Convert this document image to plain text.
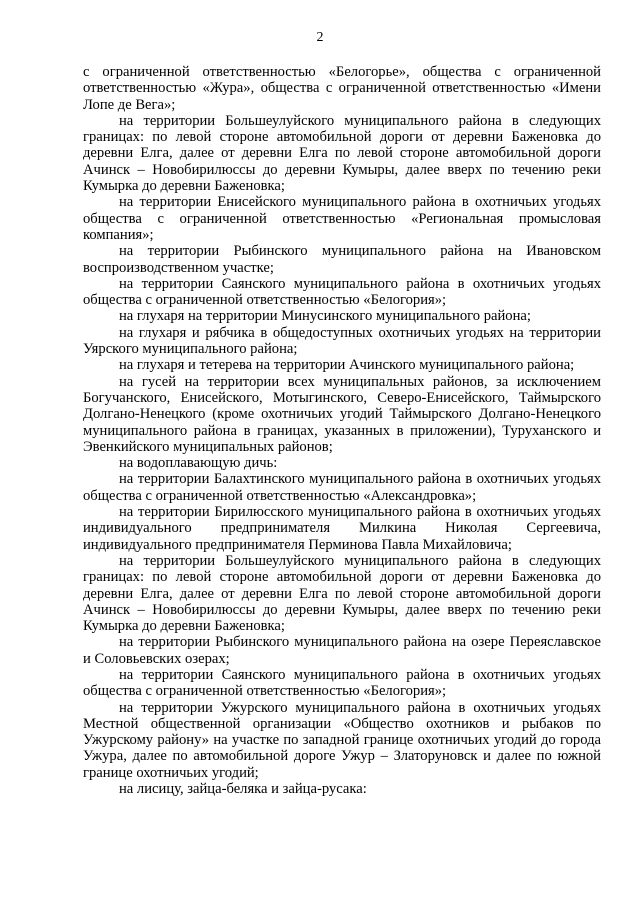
2

с ограниченной ответственностью «Белогорье», общества с ограниченной ответственностью «Жура», общества с ограниченной ответственностью «Имени Лопе де Вега»;

на территории Большеулуйского муниципального района в следующих границах: по левой стороне автомобильной дороги от деревни Баженовка до деревни Елга, далее от деревни Елга по левой стороне автомобильной дороги Ачинск – Новобирилюссы до деревни Кумыры, далее вверх по течению реки Кумырка до деревни Баженовка;

на территории Енисейского муниципального района в охотничьих угодьях общества с ограниченной ответственностью «Региональная промысловая компания»;

на территории Рыбинского муниципального района на Ивановском воспроизводственном участке;

на территории Саянского муниципального района в охотничьих угодьях общества с ограниченной ответственностью «Белогория»;

на глухаря на территории Минусинского муниципального района;

на глухаря и рябчика в общедоступных охотничьих угодьях на территории Уярского муниципального района;

на глухаря и тетерева на территории Ачинского муниципального района;

на гусей на территории всех муниципальных районов, за исключением Богучанского, Енисейского, Мотыгинского, Северо-Енисейского, Таймырского Долгано-Ненецкого (кроме охотничьих угодий Таймырского Долгано-Ненецкого муниципального района в границах, указанных в приложении), Туруханского и Эвенкийского муниципальных районов;

на водоплавающую дичь:

на территории Балахтинского муниципального района в охотничьих угодьях общества с ограниченной ответственностью «Александровка»;

на территории Бирилюсского муниципального района в охотничьих угодьях индивидуального предпринимателя Милкина Николая Сергеевича, индивидуального предпринимателя Перминова Павла Михайловича;

на территории Большеулуйского муниципального района в следующих границах: по левой стороне автомобильной дороги от деревни Баженовка до деревни Елга, далее от деревни Елга по левой стороне автомобильной дороги Ачинск – Новобирилюссы до деревни Кумыры, далее вверх по течению реки Кумырка до деревни Баженовка;

на территории Рыбинского муниципального района на озере Переяславское и Соловьевских озерах;

на территории Саянского муниципального района в охотничьих угодьях общества с ограниченной ответственностью «Белогория»;

на территории Ужурского муниципального района в охотничьих угодьях Местной общественной организации «Общество охотников и рыбаков по Ужурскому району» на участке по западной границе охотничьих угодий до города Ужура, далее по автомобильной дороге Ужур – Златоруновск и далее по южной границе охотничьих угодий;

на лисицу, зайца-беляка и зайца-русака:
